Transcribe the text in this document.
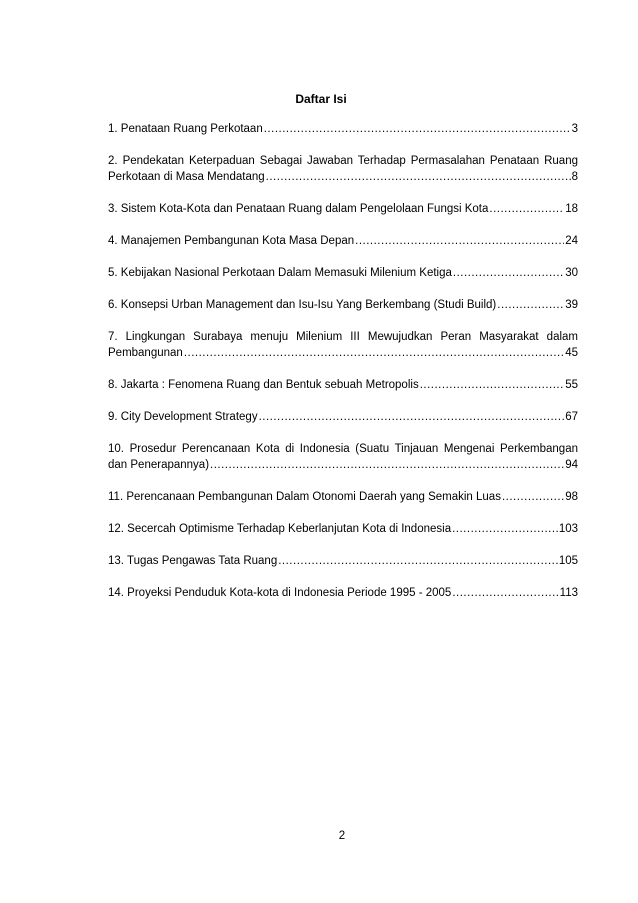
Daftar Isi
1. Penataan Ruang Perkotaan .....	3
2. Pendekatan Keterpaduan Sebagai Jawaban Terhadap Permasalahan Penataan Ruang
Perkotaan di Masa Mendatang .....	8
3. Sistem Kota-Kota dan Penataan Ruang dalam Pengelolaan Fungsi Kota .....	18
4. Manajemen Pembangunan Kota Masa Depan .....	24
5. Kebijakan Nasional Perkotaan Dalam Memasuki Milenium Ketiga .....	30
6. Konsepsi Urban Management dan Isu-Isu Yang Berkembang (Studi Build) .....	39
7. Lingkungan Surabaya menuju Milenium III Mewujudkan Peran Masyarakat dalam
Pembangunan .....	45
8. Jakarta : Fenomena Ruang dan Bentuk sebuah Metropolis .....	55
9. City Development Strategy .....	67
10. Prosedur Perencanaan Kota di Indonesia (Suatu Tinjauan Mengenai Perkembangan
dan Penerapannya) .....	94
11. Perencanaan Pembangunan Dalam Otonomi Daerah yang Semakin Luas .....	98
12. Secercah Optimisme Terhadap Keberlanjutan Kota di Indonesia .....	103
13. Tugas Pengawas Tata Ruang .....	105
14. Proyeksi Penduduk Kota-kota di Indonesia Periode 1995 - 2005 .....	113
2
